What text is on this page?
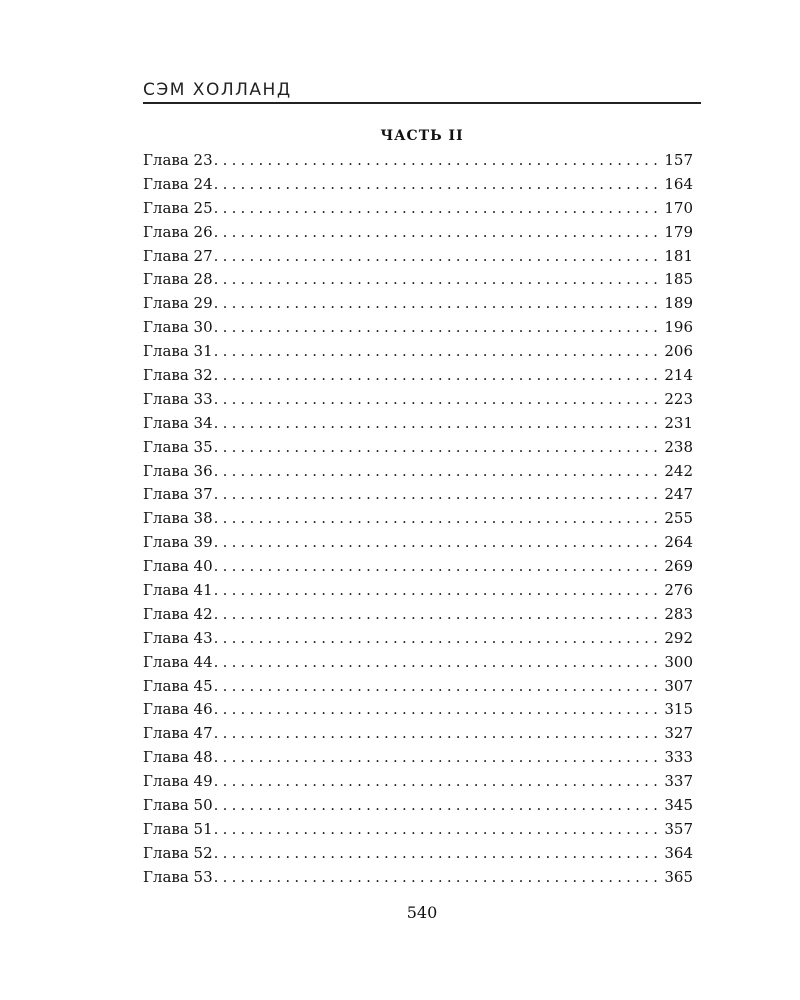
СЭМ ХОЛЛАНД
ЧАСТЬ II
Глава 23 .....	157
Глава 24 .....	164
Глава 25 .....	170
Глава 26 .....	179
Глава 27 .....	181
Глава 28 .....	185
Глава 29 .....	189
Глава 30 .....	196
Глава 31 .....	206
Глава 32 .....	214
Глава 33 .....	223
Глава 34 .....	231
Глава 35 .....	238
Глава 36 .....	242
Глава 37 .....	247
Глава 38 .....	255
Глава 39 .....	264
Глава 40 .....	269
Глава 41 .....	276
Глава 42 .....	283
Глава 43 .....	292
Глава 44 .....	300
Глава 45 .....	307
Глава 46 .....	315
Глава 47 .....	327
Глава 48 .....	333
Глава 49 .....	337
Глава 50 .....	345
Глава 51 .....	357
Глава 52 .....	364
Глава 53 .....	365
540
